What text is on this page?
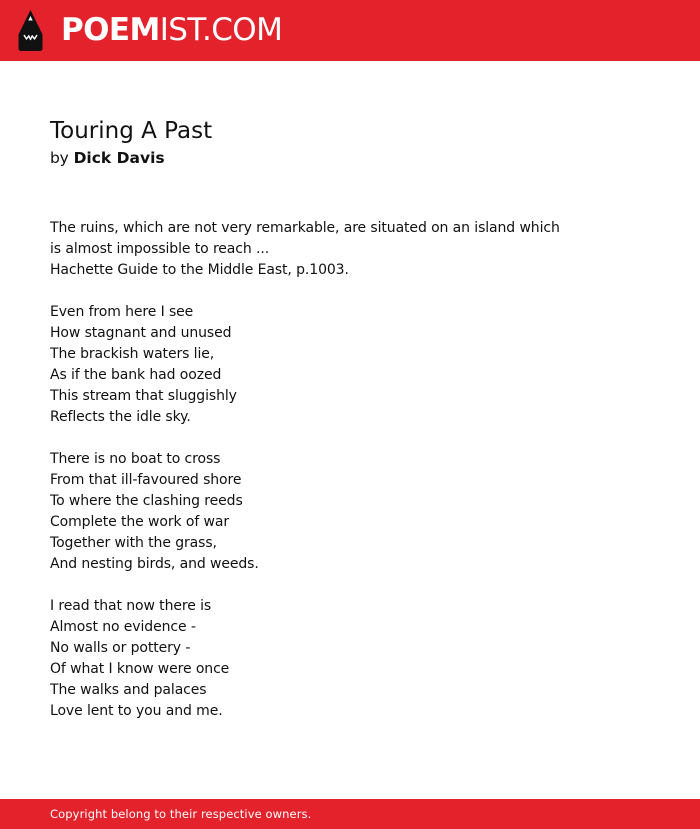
POEMIST.COM
Touring A Past
by Dick Davis
The ruins, which are not very remarkable, are situated on an island which
is almost impossible to reach ...
Hachette Guide to the Middle East, p.1003.
Even from here I see
How stagnant and unused
The brackish waters lie,
As if the bank had oozed
This stream that sluggishly
Reflects the idle sky.
There is no boat to cross
From that ill-favoured shore
To where the clashing reeds
Complete the work of war
Together with the grass,
And nesting birds, and weeds.
I read that now there is
Almost no evidence -
No walls or pottery -
Of what I know were once
The walks and palaces
Love lent to you and me.
Copyright belong to their respective owners.
